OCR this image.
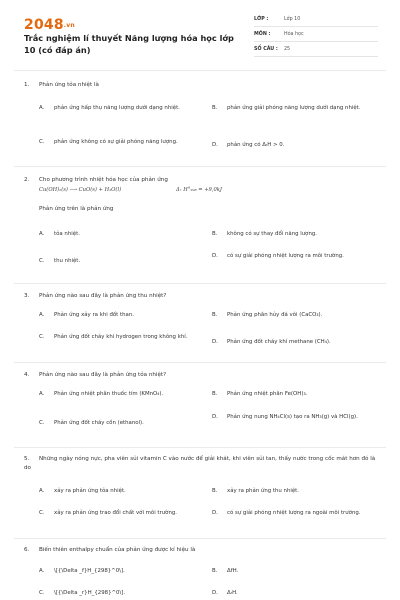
2048.vn
Trắc nghiệm lí thuyết Năng lượng hóa học lớp 10 (có đáp án)
LỚP :	Lớp 10
MÔN :	Hóa học
SỐ CÂU : 25
1. Phản ứng tỏa nhiệt là
A. phản ứng hấp thụ năng lượng dưới dạng nhiệt.	B. phản ứng giải phóng năng lượng dưới dạng nhiệt.
C. phản ứng không có sự giải phóng năng lượng.	D. phản ứng có ΔᵣH > 0.
2. Cho phương trình nhiệt hóa học của phản ứng
Cu(OH)₂(s) ⟶ CuO(s) + H₂O(l)	Δᵣ H°₂₉₈ = +9,0kJ
Phản ứng trên là phản ứng
A. tỏa nhiệt.	B. không có sự thay đổi năng lượng.
C. thu nhiệt.
D. có sự giải phóng nhiệt lượng ra môi trường.
3. Phản ứng nào sau đây là phản ứng thu nhiệt?
A. Phản ứng xảy ra khi đốt than.	B. Phản ứng phân hủy đá vôi (CaCO₃).
C. Phản ứng đốt cháy khí hydrogen trong không khí.
D. Phản ứng đốt cháy khí methane (CH₄).
4. Phản ứng nào sau đây là phản ứng tỏa nhiệt?
A. Phản ứng nhiệt phân thuốc tím (KMnO₄).	B. Phản ứng nhiệt phân Fe(OH)₃.
C. Phản ứng đốt cháy cồn (ethanol).
D. Phản ứng nung NH₄Cl(s) tạo ra NH₃(g) và HCl(g).
5. Những ngày nóng nực, pha viên sủi vitamin C vào nước để giải khát, khi viên sủi tan, thấy nước trong cốc mát hơn đó là do
A. xảy ra phản ứng tỏa nhiệt.	B. xảy ra phản ứng thu nhiệt.
C. xảy ra phản ứng trao đổi chất với môi trường.	D. có sự giải phóng nhiệt lượng ra ngoài môi trường.
6. Biến thiên enthalpy chuẩn của phản ứng được kí hiệu là
A. \[{\Delta _f}H_{298}^0\].	B. ΔfH.
C. \[{\Delta _r}H_{298}^0\].	D. ΔᵣH.
